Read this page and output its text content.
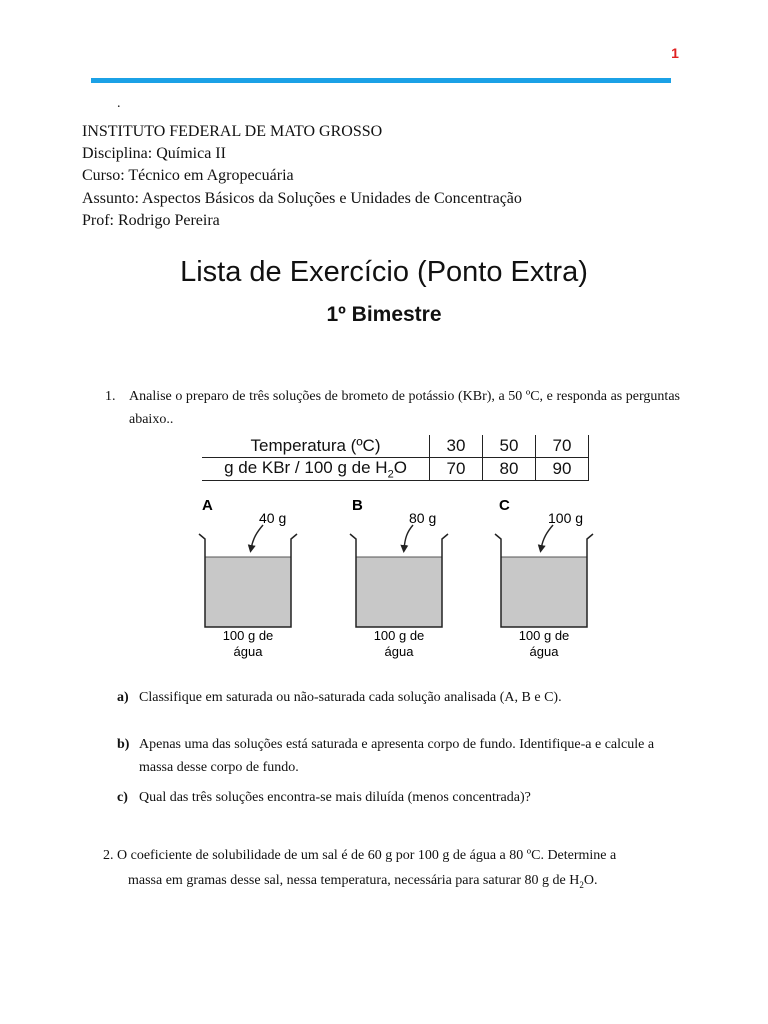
1
.
INSTITUTO FEDERAL DE MATO GROSSO
Disciplina: Química II
Curso: Técnico em Agropecuária
Assunto: Aspectos Básicos da Soluções e Unidades de Concentração
Prof: Rodrigo Pereira
Lista de Exercício (Ponto Extra)
1º Bimestre
1. Analise o preparo de três soluções de brometo de potássio (KBr), a 50 ºC, e responda as perguntas abaixo..
Temperatura (ºC)	30	50	70
g de KBr / 100 g de $H_2O$	70	80	90
A
40 g
100 g de
água
B
80 g
100 g de
água
C
100 g
100 g de
água
a) Classifique em saturada ou não-saturada cada solução analisada (A, B e C).
b) Apenas uma das soluções está saturada e apresenta corpo de fundo. Identifique-a e calcule a massa desse corpo de fundo.
c) Qual das três soluções encontra-se mais diluída (menos concentrada)?
2. O coeficiente de solubilidade de um sal é de 60 g por 100 g de água a 80 ºC. Determine a
massa em gramas desse sal, nessa temperatura, necessária para saturar 80 g de $H_2O$.
